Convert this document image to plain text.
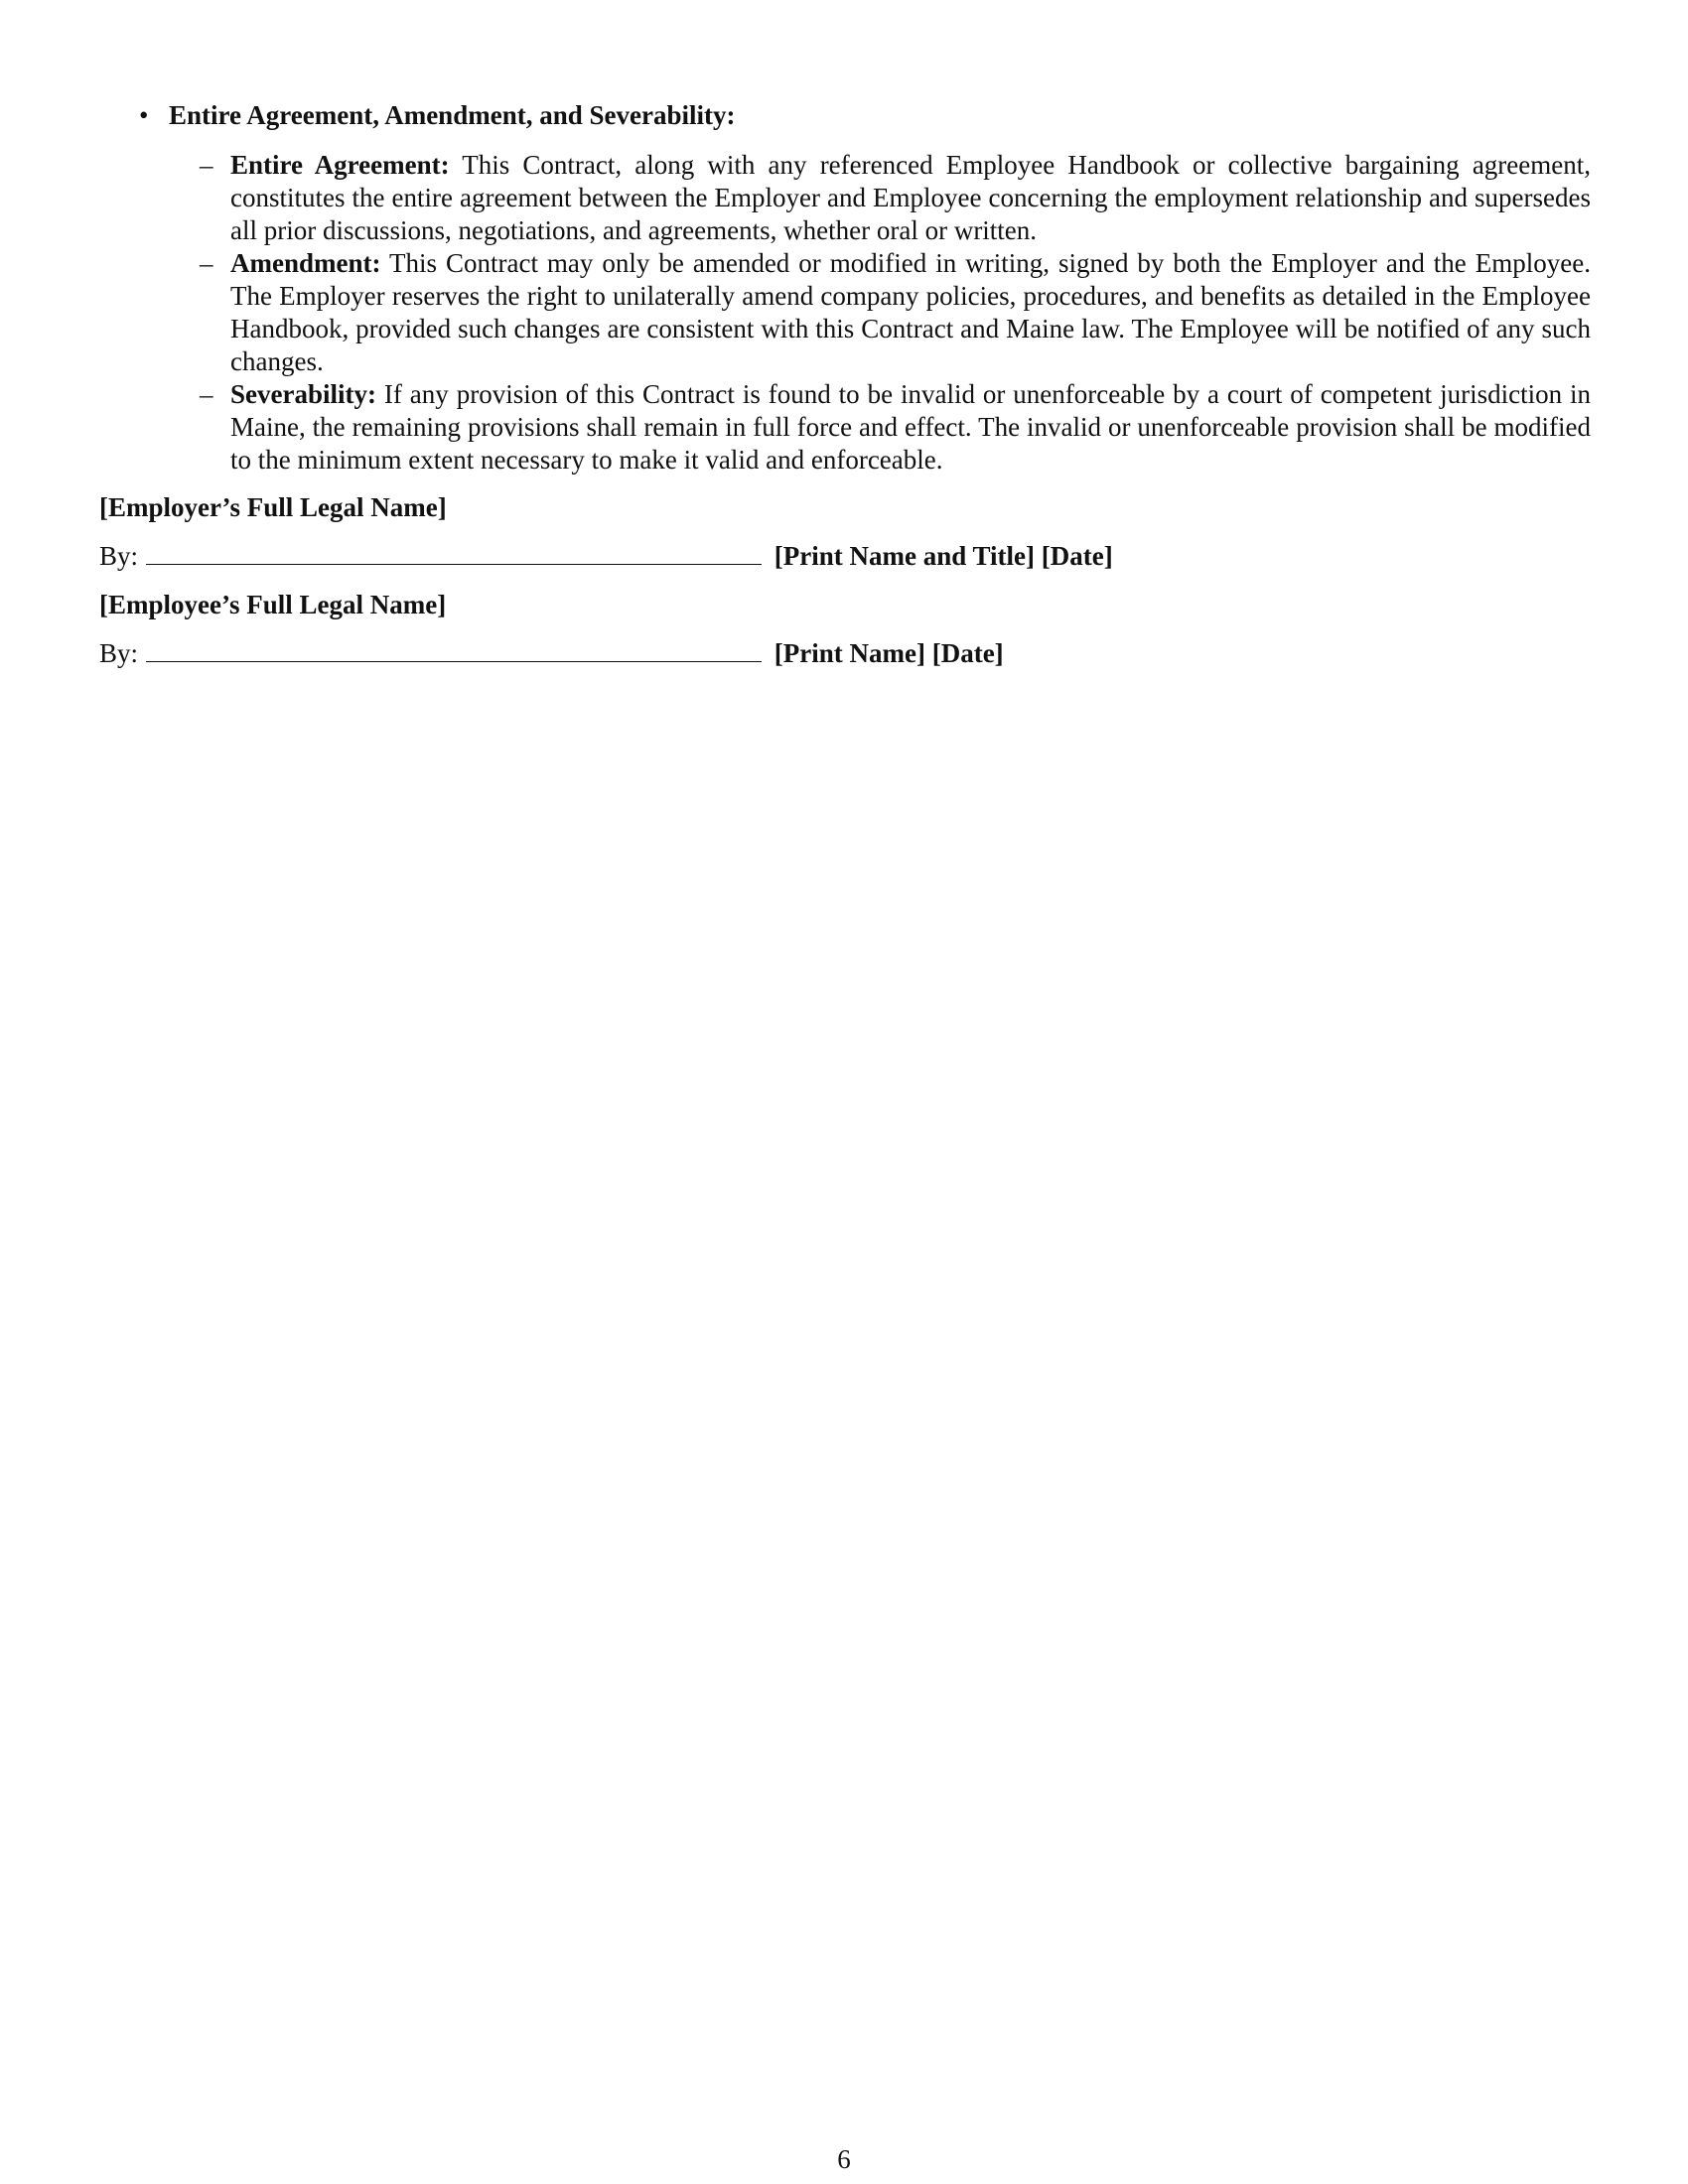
• Entire Agreement, Amendment, and Severability:
– Entire Agreement: This Contract, along with any referenced Employee Handbook or collective bargaining agreement, constitutes the entire agreement between the Employer and Employee concerning the employment relationship and supersedes all prior discussions, negotiations, and agreements, whether oral or written.
– Amendment: This Contract may only be amended or modified in writing, signed by both the Employer and the Employee. The Employer reserves the right to unilaterally amend company policies, procedures, and benefits as detailed in the Employee Handbook, provided such changes are consistent with this Contract and Maine law. The Employee will be notified of any such changes.
– Severability: If any provision of this Contract is found to be invalid or unenforceable by a court of competent jurisdiction in Maine, the remaining provisions shall remain in full force and effect. The invalid or unenforceable provision shall be modified to the minimum extent necessary to make it valid and enforceable.
[Employer’s Full Legal Name]
By:	[Print Name and Title] [Date]
[Employee’s Full Legal Name]
By:	[Print Name] [Date]
6
